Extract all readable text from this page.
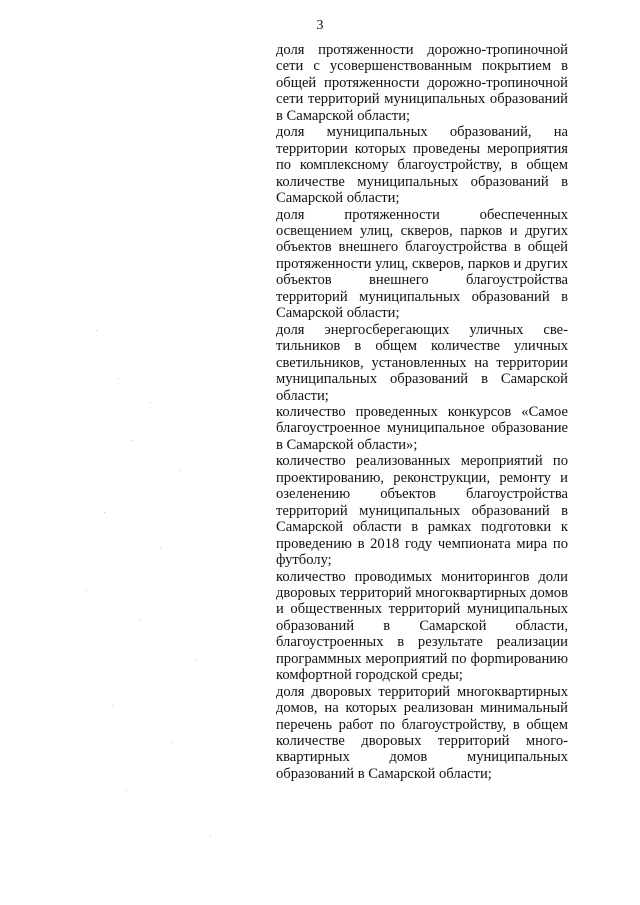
3

доля протяженности дорожно-тропиночной сети с усовершенствованным покрытием в общей протяженности дорожно-тропиночной сети территорий муниципальных образований в Самарской области;

доля муниципальных образований, на территории которых проведены мероприятия по комплексному благоустройству, в общем количестве муниципальных образований в Самарской области;

доля протяженности обеспеченных освещением улиц, скверов, парков и других объектов внешнего благоустройства в общей протяженности улиц, скверов, парков и других объектов внешнего благоустройства территорий муниципальных образований в Самарской области;

доля энергосберегающих уличных светильников в общем количестве уличных светильников, установленных на территории муниципальных образований в Самарской области;

количество проведенных конкурсов «Самое благоустроенное муниципальное образование в Самарской области»;

количество реализованных мероприятий по проектированию, реконструкции, ремонту и озеленению объектов благоустройства территорий муниципальных образований в Самарской области в рамках подготовки к проведению в 2018 году чемпионата мира по футболу;

количество проводимых мониторингов доли дворовых территорий многоквартирных домов и общественных территорий муниципальных образований в Самарской области, благоустроенных в результате реализации программных мероприятий по форmированию комфортной городской среды;

доля дворовых территорий многоквартирных домов, на которых реализован минимальный перечень работ по благоустройству, в общем количестве дворовых территорий многоквартирных домов муниципальных образований в Самарской области;
